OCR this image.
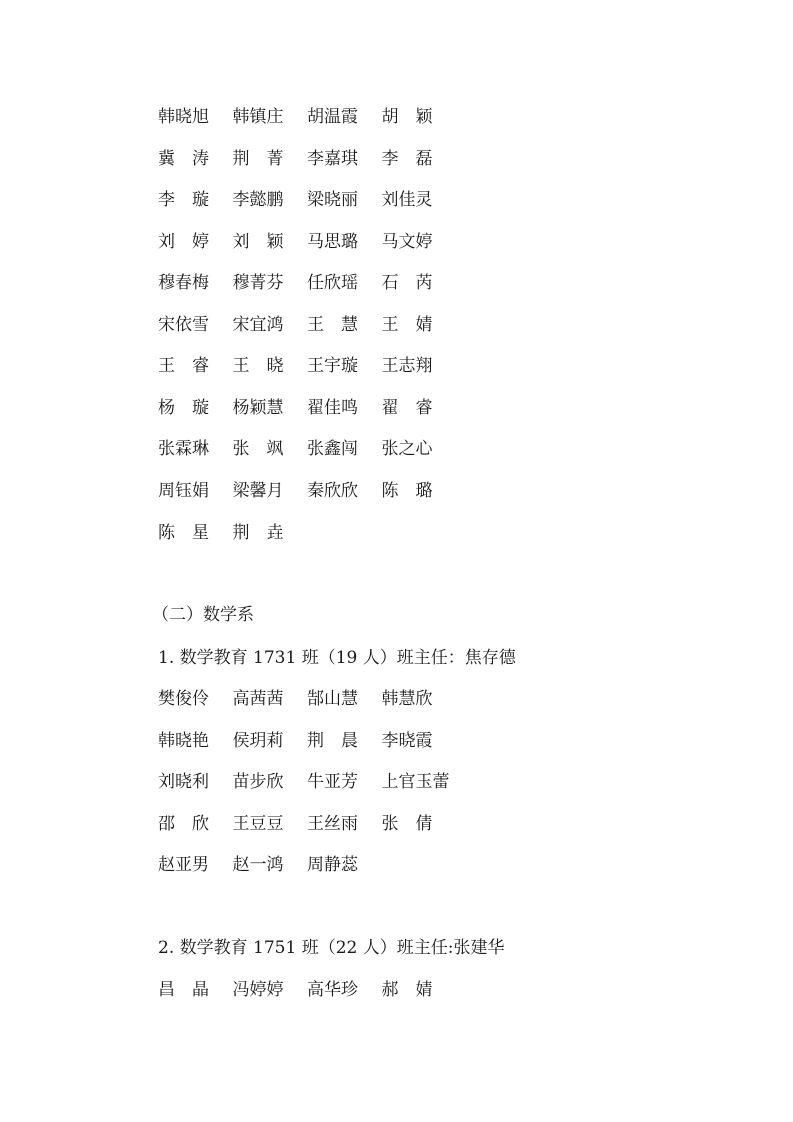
韩晓旭	韩镇庄	胡温霞	胡　颖
冀　涛	荆　菁	李嘉琪	李　磊
李　璇	李懿鹏	梁晓丽	刘佳灵
刘　婷	刘　颖	马思璐	马文婷
穆春梅	穆菁芬	任欣瑶	石　芮
宋依雪	宋宜鸿	王　慧	王　婧
王　睿	王　晓	王宇璇	王志翔
杨　璇	杨颖慧	翟佳鸣	翟　睿
张霖琳	张　飒	张鑫闯	张之心
周钰娟	梁馨月	秦欣欣	陈　璐
陈　星	荆　垚
（二）数学系
1. 数学教育 1731 班（19 人）班主任：焦存德
樊俊伶	高茜茜	郜山慧	韩慧欣
韩晓艳	侯玥莉	荆　晨	李晓霞
刘晓利	苗步欣	牛亚芳	上官玉蕾
邵　欣	王豆豆	王丝雨	张　倩
赵亚男	赵一鸿	周静蕊
2. 数学教育 1751 班（22 人）班主任:张建华
昌　晶	冯婷婷	高华珍	郝　婧
